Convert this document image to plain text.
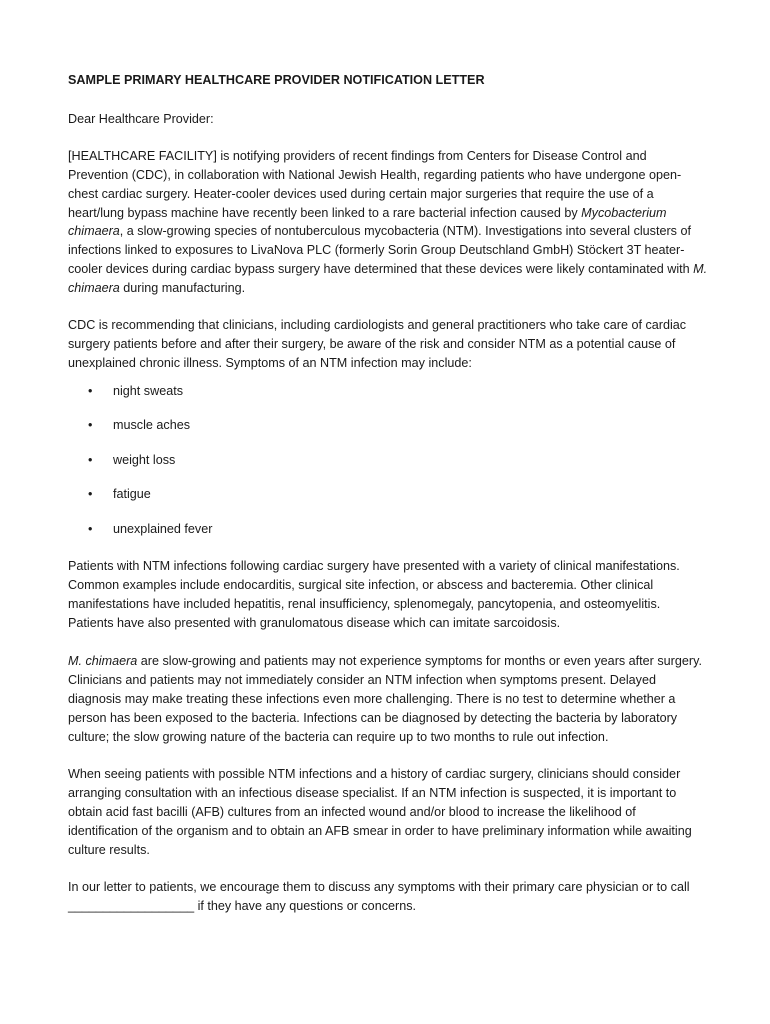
SAMPLE PRIMARY HEALTHCARE PROVIDER NOTIFICATION LETTER

Dear Healthcare Provider:

[HEALTHCARE FACILITY] is notifying providers of recent findings from Centers for Disease Control and Prevention (CDC), in collaboration with National Jewish Health, regarding patients who have undergone open-chest cardiac surgery. Heater-cooler devices used during certain major surgeries that require the use of a heart/lung bypass machine have recently been linked to a rare bacterial infection caused by Mycobacterium chimaera, a slow-growing species of nontuberculous mycobacteria (NTM). Investigations into several clusters of infections linked to exposures to LivaNova PLC (formerly Sorin Group Deutschland GmbH) Stöckert 3T heater-cooler devices during cardiac bypass surgery have determined that these devices were likely contaminated with M. chimaera during manufacturing.

CDC is recommending that clinicians, including cardiologists and general practitioners who take care of cardiac surgery patients before and after their surgery, be aware of the risk and consider NTM as a potential cause of unexplained chronic illness. Symptoms of an NTM infection may include:

• night sweats
• muscle aches
• weight loss
• fatigue
• unexplained fever

Patients with NTM infections following cardiac surgery have presented with a variety of clinical manifestations. Common examples include endocarditis, surgical site infection, or abscess and bacteremia. Other clinical manifestations have included hepatitis, renal insufficiency, splenomegaly, pancytopenia, and osteomyelitis. Patients have also presented with granulomatous disease which can imitate sarcoidosis.

M. chimaera are slow-growing and patients may not experience symptoms for months or even years after surgery. Clinicians and patients may not immediately consider an NTM infection when symptoms present. Delayed diagnosis may make treating these infections even more challenging. There is no test to determine whether a person has been exposed to the bacteria. Infections can be diagnosed by detecting the bacteria by laboratory culture; the slow growing nature of the bacteria can require up to two months to rule out infection.

When seeing patients with possible NTM infections and a history of cardiac surgery, clinicians should consider arranging consultation with an infectious disease specialist. If an NTM infection is suspected, it is important to obtain acid fast bacilli (AFB) cultures from an infected wound and/or blood to increase the likelihood of identification of the organism and to obtain an AFB smear in order to have preliminary information while awaiting culture results.

In our letter to patients, we encourage them to discuss any symptoms with their primary care physician or to call __________________ if they have any questions or concerns.
